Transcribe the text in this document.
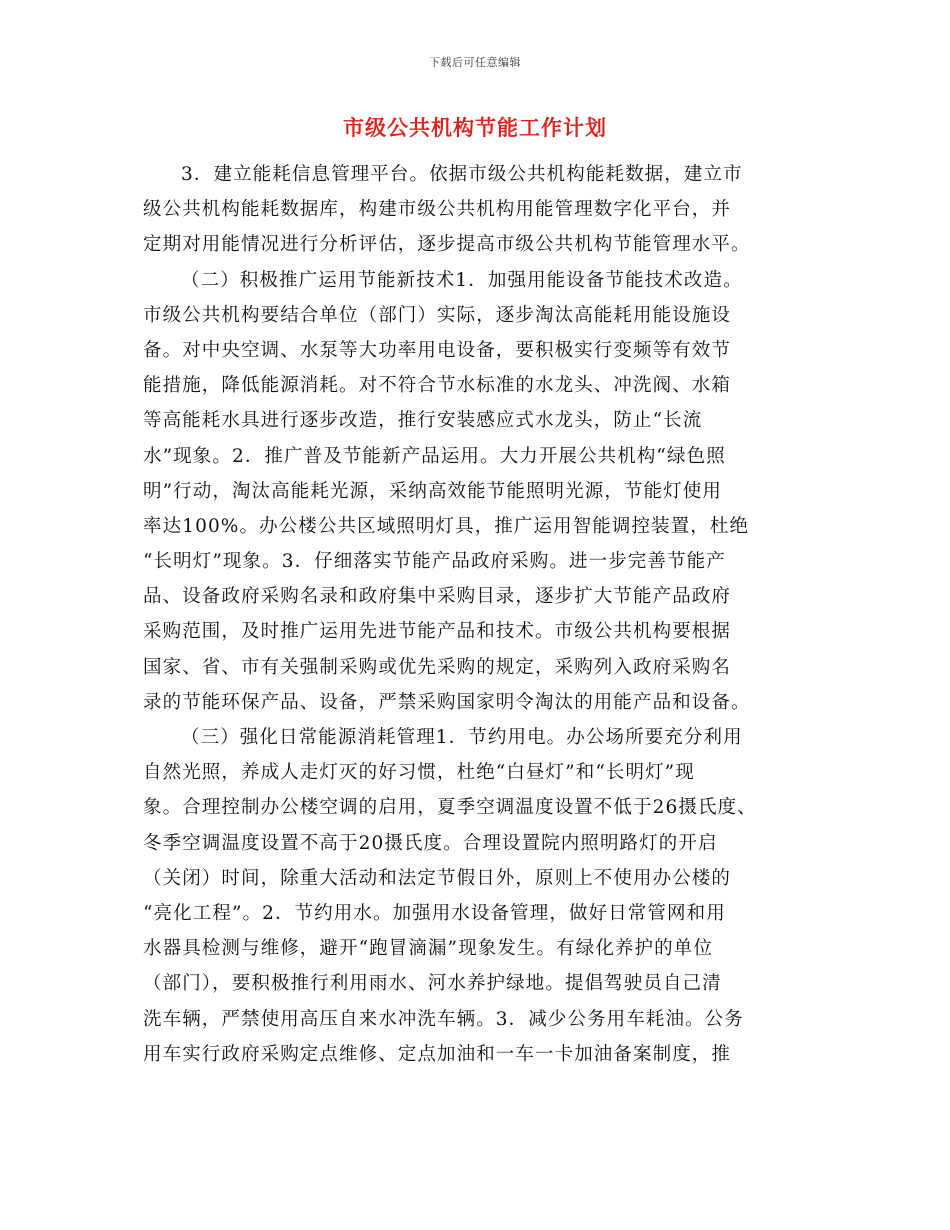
下载后可任意编辑
市级公共机构节能工作计划
3．建立能耗信息管理平台。依据市级公共机构能耗数据，建立市
级公共机构能耗数据库，构建市级公共机构用能管理数字化平台，并
定期对用能情况进行分析评估，逐步提高市级公共机构节能管理水平。
（二）积极推广运用节能新技术1．加强用能设备节能技术改造。
市级公共机构要结合单位（部门）实际，逐步淘汰高能耗用能设施设
备。对中央空调、水泵等大功率用电设备，要积极实行变频等有效节
能措施，降低能源消耗。对不符合节水标准的水龙头、冲洗阀、水箱
等高能耗水具进行逐步改造，推行安装感应式水龙头，防止“长流
水”现象。2．推广普及节能新产品运用。大力开展公共机构“绿色照
明”行动，淘汰高能耗光源，采纳高效能节能照明光源，节能灯使用
率达100%。办公楼公共区域照明灯具，推广运用智能调控装置，杜绝
“长明灯”现象。3．仔细落实节能产品政府采购。进一步完善节能产
品、设备政府采购名录和政府集中采购目录，逐步扩大节能产品政府
采购范围，及时推广运用先进节能产品和技术。市级公共机构要根据
国家、省、市有关强制采购或优先采购的规定，采购列入政府采购名
录的节能环保产品、设备，严禁采购国家明令淘汰的用能产品和设备。
（三）强化日常能源消耗管理1．节约用电。办公场所要充分利用
自然光照，养成人走灯灭的好习惯，杜绝“白昼灯”和“长明灯”现
象。合理控制办公楼空调的启用，夏季空调温度设置不低于26摄氏度、
冬季空调温度设置不高于20摄氏度。合理设置院内照明路灯的开启
（关闭）时间，除重大活动和法定节假日外，原则上不使用办公楼的
“亮化工程”。2．节约用水。加强用水设备管理，做好日常管网和用
水器具检测与维修，避开“跑冒滴漏”现象发生。有绿化养护的单位
（部门），要积极推行利用雨水、河水养护绿地。提倡驾驶员自己清
洗车辆，严禁使用高压自来水冲洗车辆。3．减少公务用车耗油。公务
用车实行政府采购定点维修、定点加油和一车一卡加油备案制度，推
